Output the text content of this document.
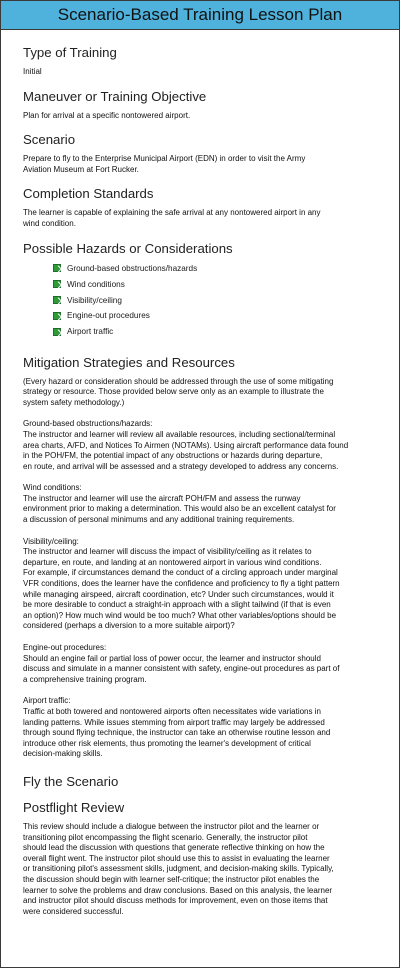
Scenario-Based Training Lesson Plan
Type of Training

Initial

Maneuver or Training Objective

Plan for arrival at a specific nontowered airport.

Scenario

Prepare to fly to the Enterprise Municipal Airport (EDN) in order to visit the Army

Aviation Museum at Fort Rucker.

Completion Standards

The learner is capable of explaining the safe arrival at any nontowered airport in any

wind condition.

Possible Hazards or Considerations
Ground-based obstructions/hazards
Wind conditions
Visibility/ceiling
Engine-out procedures
Airport traffic
Mitigation Strategies and Resources

(Every hazard or consideration should be addressed through the use of some mitigating

strategy or resource. Those provided below serve only as an example to illustrate the

system safety methodology.)

Ground-based obstructions/hazards:

The instructor and learner will review all available resources, including sectional/terminal

area charts, A/FD, and Notices To Airmen (NOTAMs). Using aircraft performance data found

in the POH/FM, the potential impact of any obstructions or hazards during departure,

en route, and arrival will be assessed and a strategy developed to address any concerns.

Wind conditions:

The instructor and learner will use the aircraft POH/FM and assess the runway

environment prior to making a determination. This would also be an excellent catalyst for

a discussion of personal minimums and any additional training requirements.

Visibility/ceiling:

The instructor and learner will discuss the impact of visibility/ceiling as it relates to

departure, en route, and landing at an nontowered airport in various wind conditions.

For example, if circumstances demand the conduct of a circling approach under marginal

VFR conditions, does the learner have the confidence and proficiency to fly a tight pattern

while managing airspeed, aircraft coordination, etc? Under such circumstances, would it

be more desirable to conduct a straight-in approach with a slight tailwind (if that is even

an option)? How much wind would be too much? What other variables/options should be

considered (perhaps a diversion to a more suitable airport)?

Engine-out procedures:

Should an engine fail or partial loss of power occur, the learner and instructor should

discuss and simulate in a manner consistent with safety, engine-out procedures as part of

a comprehensive training program.

Airport traffic:

Traffic at both towered and nontowered airports often necessitates wide variations in

landing patterns. While issues stemming from airport traffic may largely be addressed

through sound flying technique, the instructor can take an otherwise routine lesson and

introduce other risk elements, thus promoting the learner's development of critical

decision-making skills.

Fly the Scenario
Postflight Review

This review should include a dialogue between the instructor pilot and the learner or

transitioning pilot encompassing the flight scenario. Generally, the instructor pilot

should lead the discussion with questions that generate reflective thinking on how the

overall flight went. The instructor pilot should use this to assist in evaluating the learner

or transitioning pilot's assessment skills, judgment, and decision-making skills. Typically,

the discussion should begin with learner self-critique; the instructor pilot enables the

learner to solve the problems and draw conclusions. Based on this analysis, the learner

and instructor pilot should discuss methods for improvement, even on those items that

were considered successful.
